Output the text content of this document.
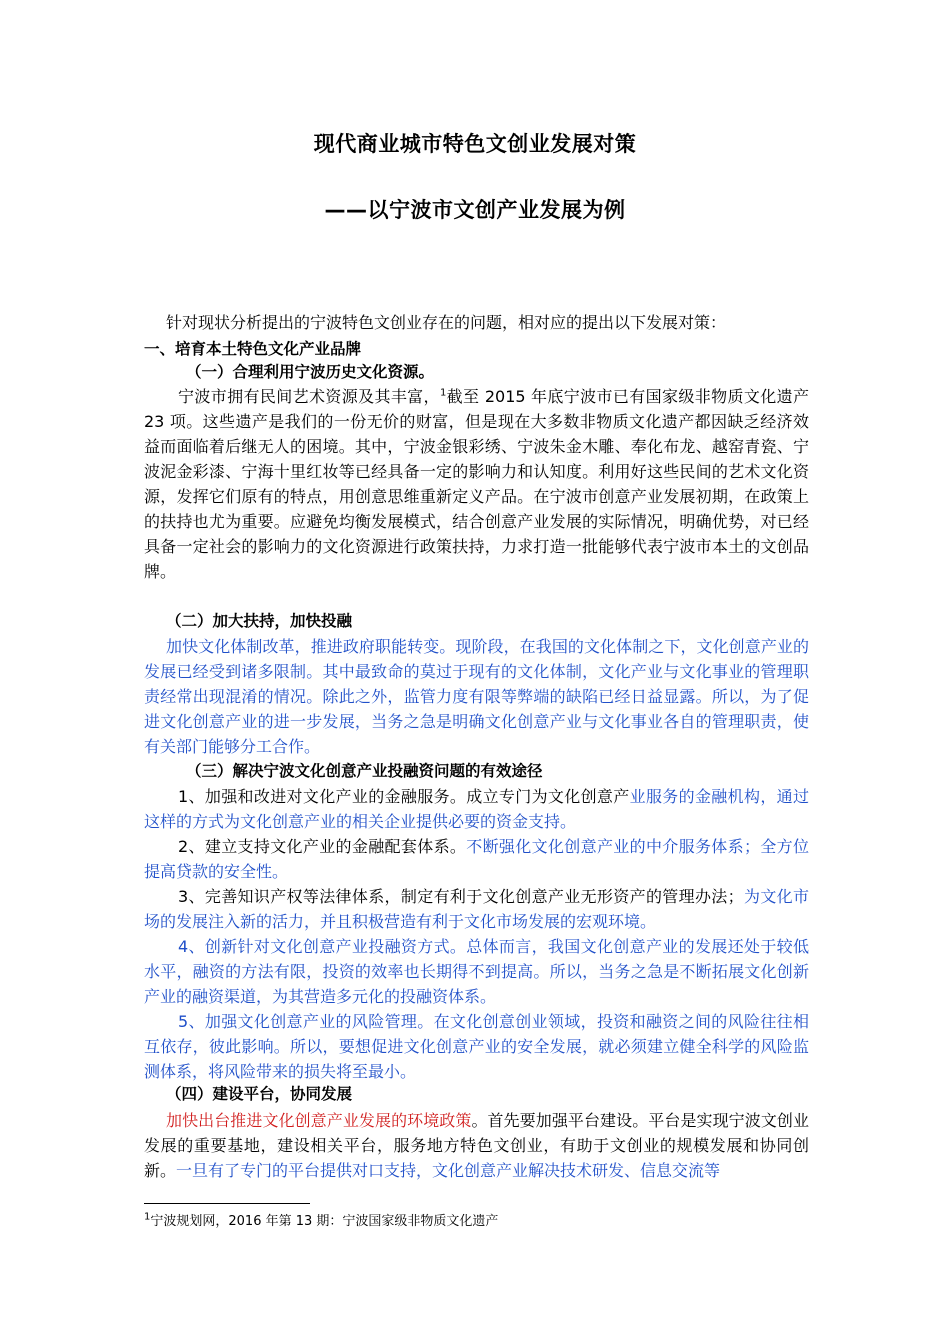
现代商业城市特色文创业发展对策
——以宁波市文创产业发展为例
针对现状分析提出的宁波特色文创业存在的问题，相对应的提出以下发展对策：
一、培育本土特色文化产业品牌
（一）合理利用宁波历史文化资源。
宁波市拥有民间艺术资源及其丰富，$^1$截至 2015 年底宁波市已有国家级非物质文化遗产 23 项。这些遗产是我们的一份无价的财富，但是现在大多数非物质文化遗产都因缺乏经济效益而面临着后继无人的困境。其中，宁波金银彩绣、宁波朱金木雕、奉化布龙、越窑青瓷、宁波泥金彩漆、宁海十里红妆等已经具备一定的影响力和认知度。利用好这些民间的艺术文化资源，发挥它们原有的特点，用创意思维重新定义产品。在宁波市创意产业发展初期，在政策上的扶持也尤为重要。应避免均衡发展模式，结合创意产业发展的实际情况，明确优势，对已经具备一定社会的影响力的文化资源进行政策扶持，力求打造一批能够代表宁波市本土的文创品牌。
（二）加大扶持，加快投融
加快文化体制改革，推进政府职能转变。现阶段，在我国的文化体制之下，文化创意产业的发展已经受到诸多限制。其中最致命的莫过于现有的文化体制，文化产业与文化事业的管理职责经常出现混淆的情况。除此之外，监管力度有限等弊端的缺陷已经日益显露。所以，为了促进文化创意产业的进一步发展，当务之急是明确文化创意产业与文化事业各自的管理职责，使有关部门能够分工合作。
（三）解决宁波文化创意产业投融资问题的有效途径
1、加强和改进对文化产业的金融服务。成立专门为文化创意产业服务的金融机构，通过这样的方式为文化创意产业的相关企业提供必要的资金支持。
2、建立支持文化产业的金融配套体系。不断强化文化创意产业的中介服务体系；全方位提高贷款的安全性。
3、完善知识产权等法律体系，制定有利于文化创意产业无形资产的管理办法；为文化市场的发展注入新的活力，并且积极营造有利于文化市场发展的宏观环境。
4、创新针对文化创意产业投融资方式。总体而言，我国文化创意产业的发展还处于较低水平，融资的方法有限，投资的效率也长期得不到提高。所以，当务之急是不断拓展文化创新产业的融资渠道，为其营造多元化的投融资体系。
5、加强文化创意产业的风险管理。在文化创意创业领域，投资和融资之间的风险往往相互依存，彼此影响。所以，要想促进文化创意产业的安全发展，就必须建立健全科学的风险监测体系，将风险带来的损失将至最小。
（四）建设平台，协同发展
加快出台推进文化创意产业发展的环境政策。首先要加强平台建设。平台是实现宁波文创业发展的重要基地，建设相关平台，服务地方特色文创业，有助于文创业的规模发展和协同创新。一旦有了专门的平台提供对口支持，文化创意产业解决技术研发、信息交流等
$^1$宁波规划网，2016 年第 13 期：宁波国家级非物质文化遗产
